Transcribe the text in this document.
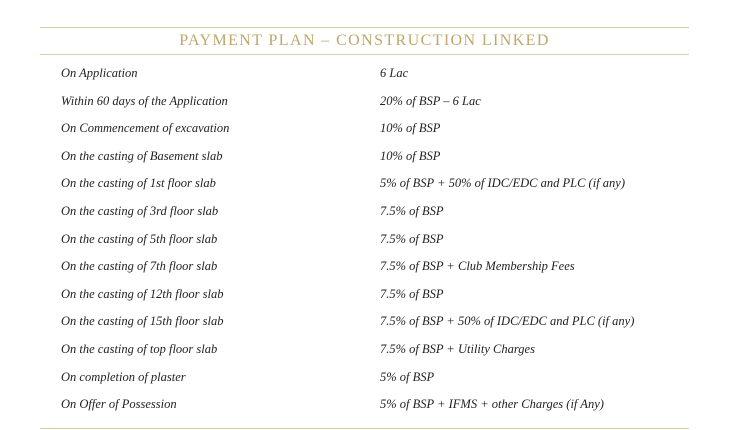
PAYMENT PLAN – CONSTRUCTION LINKED
On Application	6 Lac
Within 60 days of the Application	20% of BSP – 6 Lac
On Commencement of excavation	10% of BSP
On the casting of Basement slab	10% of BSP
On the casting of 1st floor slab	5% of BSP + 50% of IDC/EDC and PLC (if any)
On the casting of 3rd floor slab	7.5% of BSP
On the casting of 5th floor slab	7.5% of BSP
On the casting of 7th floor slab	7.5% of BSP + Club Membership Fees
On the casting of 12th floor slab	7.5% of BSP
On the casting of 15th floor slab	7.5% of BSP + 50% of IDC/EDC and PLC (if any)
On the casting of top floor slab	7.5% of BSP + Utility Charges
On completion of plaster	5% of BSP
On Offer of Possession	5% of BSP + IFMS + other Charges (if Any)
